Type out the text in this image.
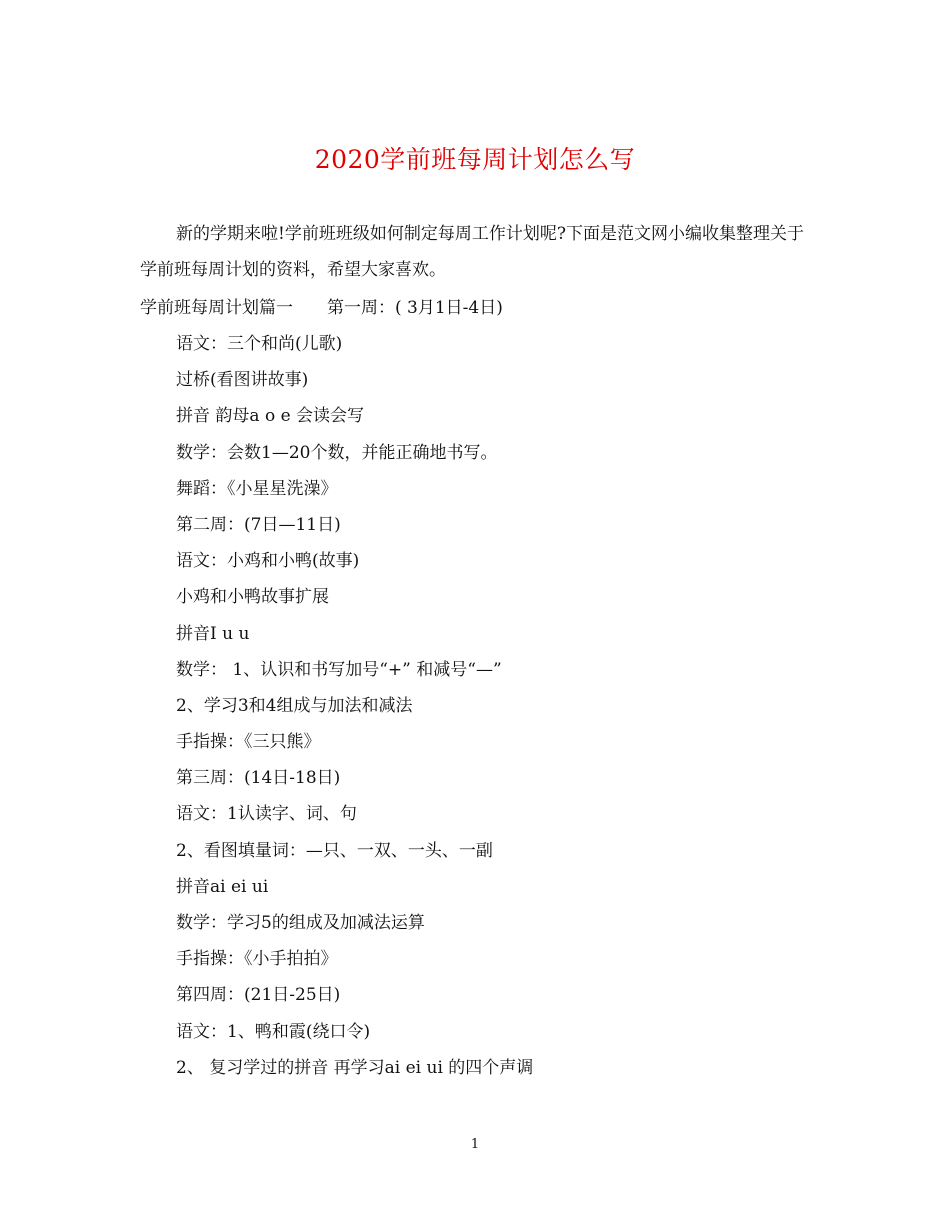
2020学前班每周计划怎么写

新的学期来啦!学前班班级如何制定每周工作计划呢?下面是范文网小编收集整理关于学前班每周计划的资料，希望大家喜欢。

学前班每周计划篇一　　第一周：( 3月1日-4日)
语文：三个和尚(儿歌)
过桥(看图讲故事)
拼音 韵母a o e 会读会写
数学：会数1—20个数，并能正确地书写。
舞蹈：《小星星洗澡》
第二周：(7日—11日)
语文：小鸡和小鸭(故事)
小鸡和小鸭故事扩展
拼音I u u
数学： 1、认识和书写加号“+” 和减号“—”
2、学习3和4组成与加法和减法
手指操：《三只熊》
第三周：(14日-18日)
语文：1认读字、词、句
2、看图填量词：—只、一双、一头、一副
拼音ai ei ui
数学：学习5的组成及加减法运算
手指操：《小手拍拍》
第四周：(21日-25日)
语文：1、鸭和霞(绕口令)
2、 复习学过的拼音 再学习ai ei ui 的四个声调
1
